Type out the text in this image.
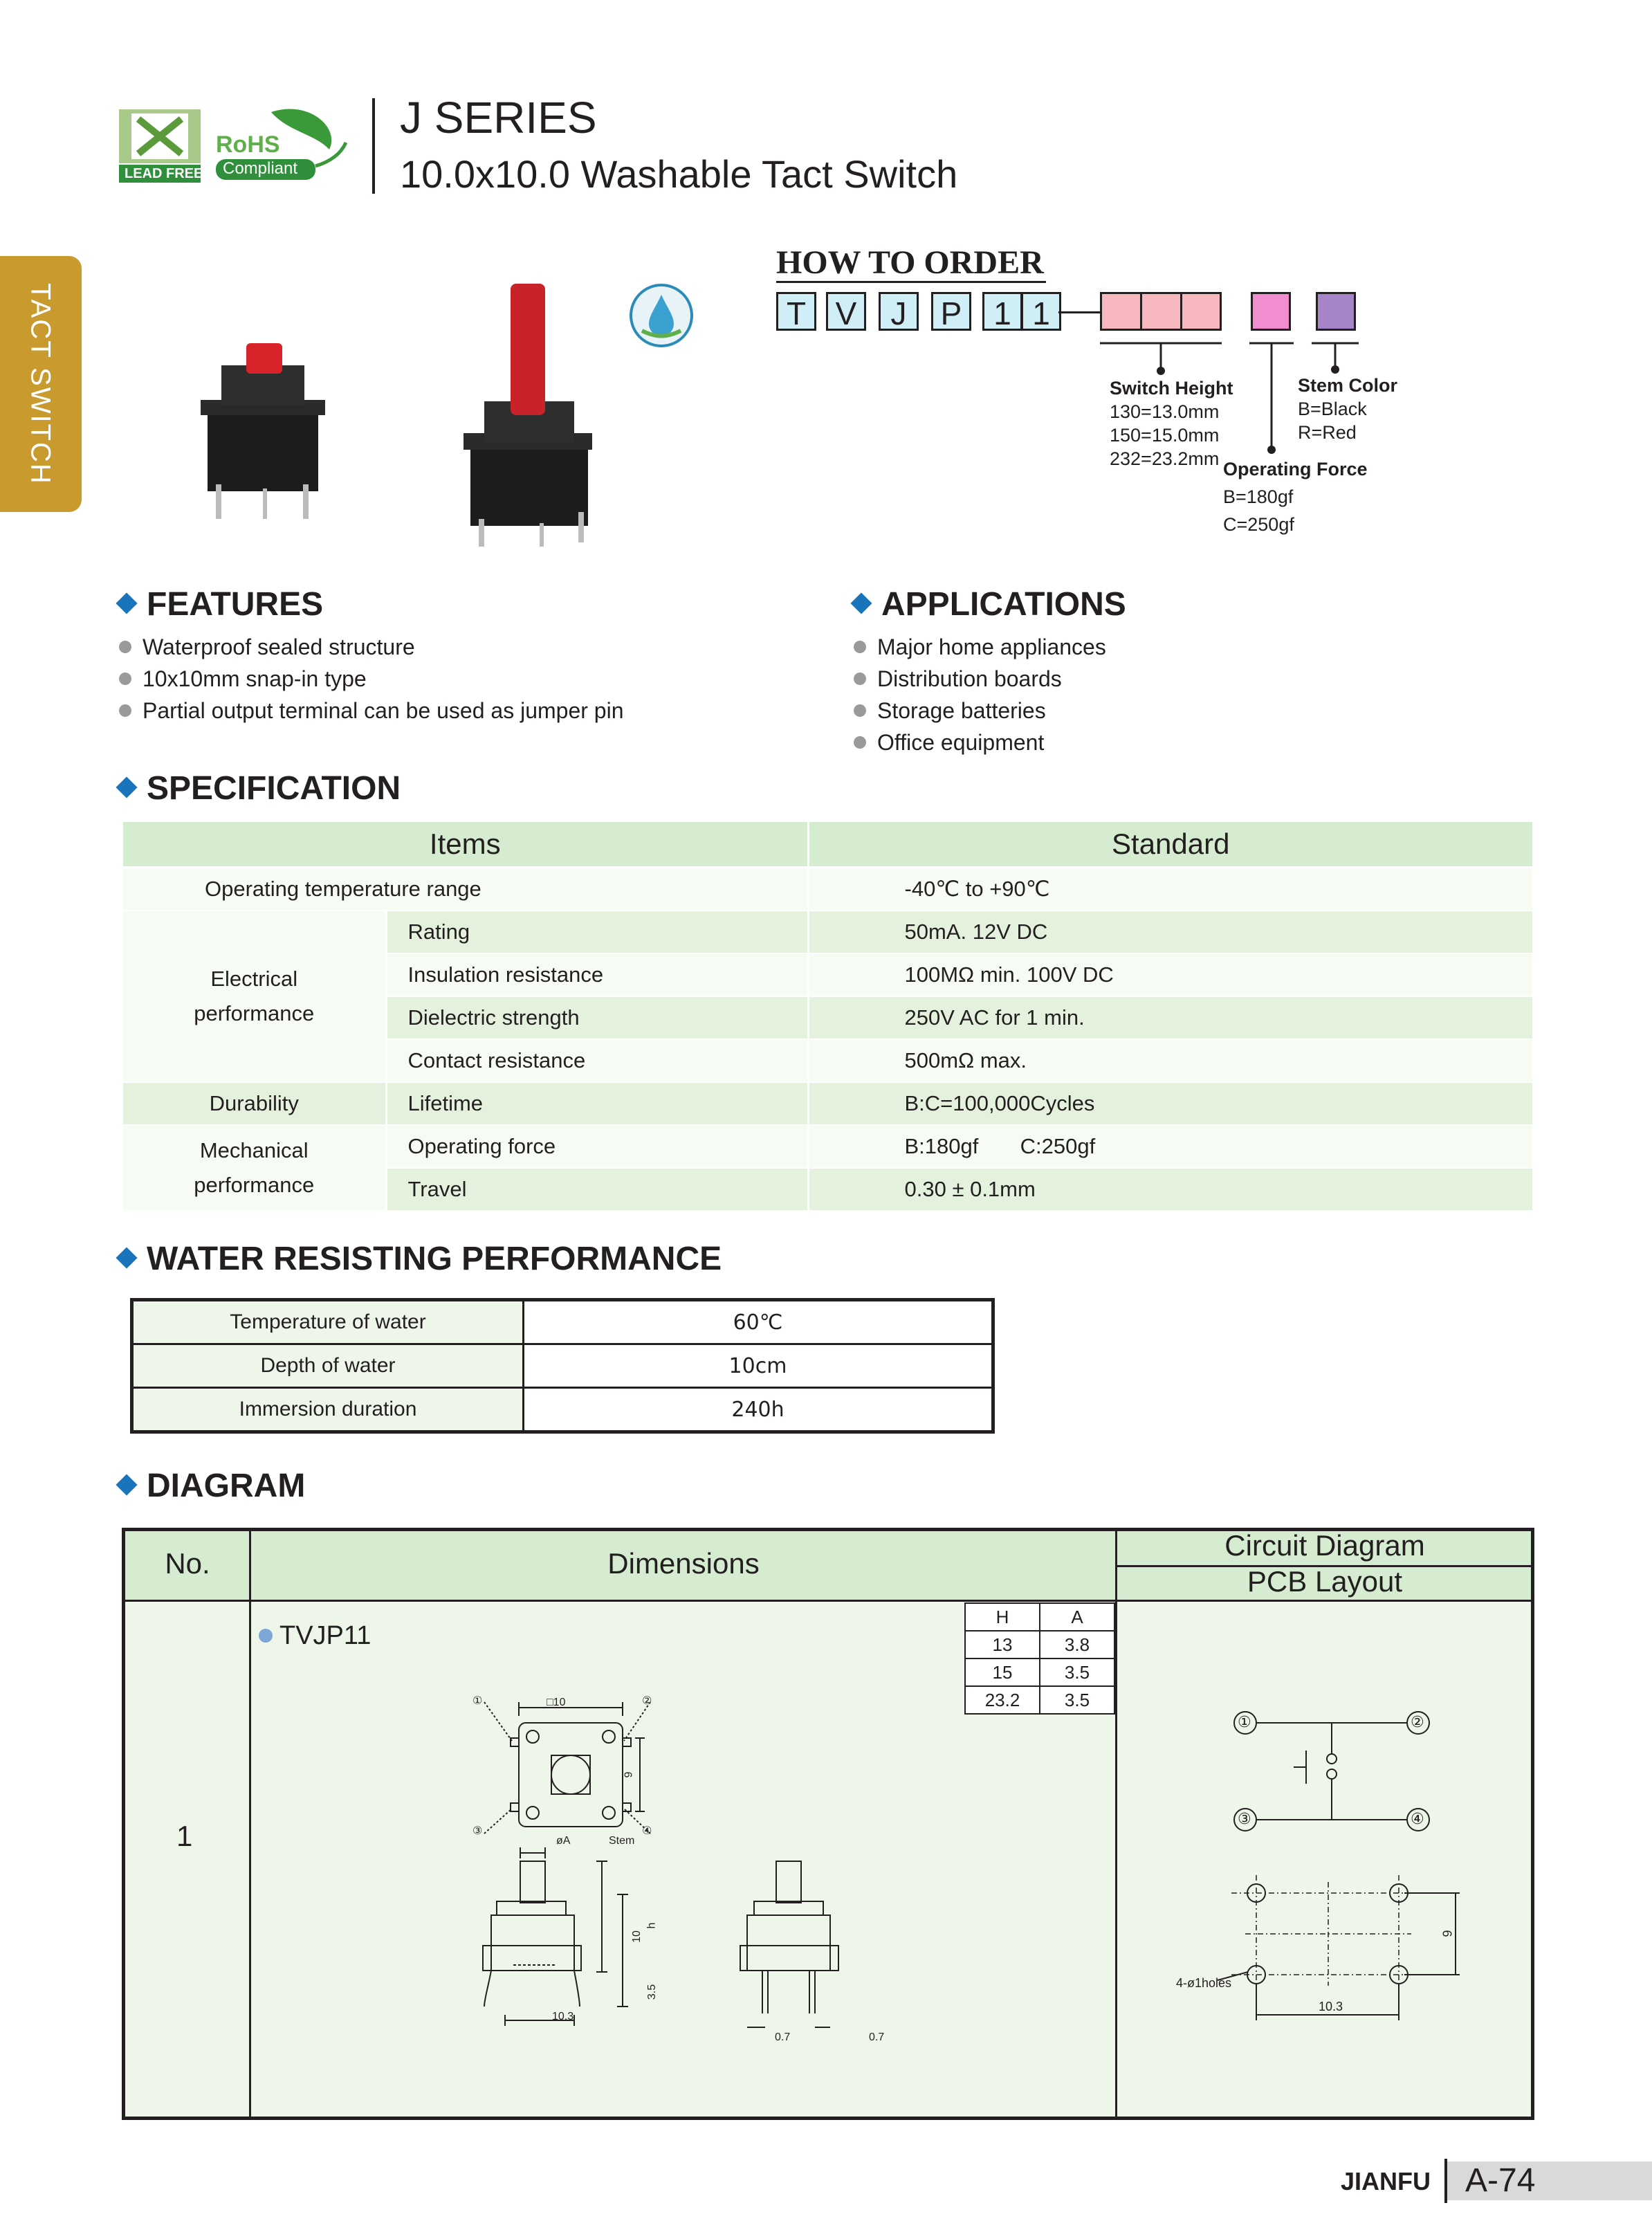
LEAD FREE
RoHS
Compliant
J SERIES
10.0x10.0 Washable Tact Switch
TACT SWITCH
HOW TO ORDER
T V	J	P 1 1
Switch Height
130=13.0mm
150=15.0mm
232=23.2mm
Stem Color
B=Black
R=Red
Operating Force
B=180gf
C=250gf
FEATURES
Waterproof sealed structure
10x10mm snap-in type
Partial output terminal can be used as jumper pin
APPLICATIONS
Major home appliances
Distribution boards
Storage batteries
Office equipment
SPECIFICATION
Items		Standard
Operating temperature range		-40℃ to +90℃
Electrical performance	Rating	50mA. 12V DC
	Insulation resistance	100MΩ min. 100V DC
	Dielectric strength	250V AC for 1 min.
	Contact resistance	500mΩ max.
Durability	Lifetime	B:C=100,000Cycles
Mechanical performance	Operating force	B:180gf       C:250gf
	Travel	0.30 ± 0.1mm
WATER RESISTING PERFORMANCE
Temperature of water	60℃
Depth of water	10cm
Immersion duration	240h
DIAGRAM
No.	Dimensions
Circuit Diagram
PCB Layout
1
TVJP11
H	A
13	3.8
15	3.5
23.2	3.5
□10
6
①	②
③	④
øA	Stem
10
h
3.5
10.3
0.7	0.7
①	②
③	④
4-ø1holes
10.3
6
JIANFU A-74
